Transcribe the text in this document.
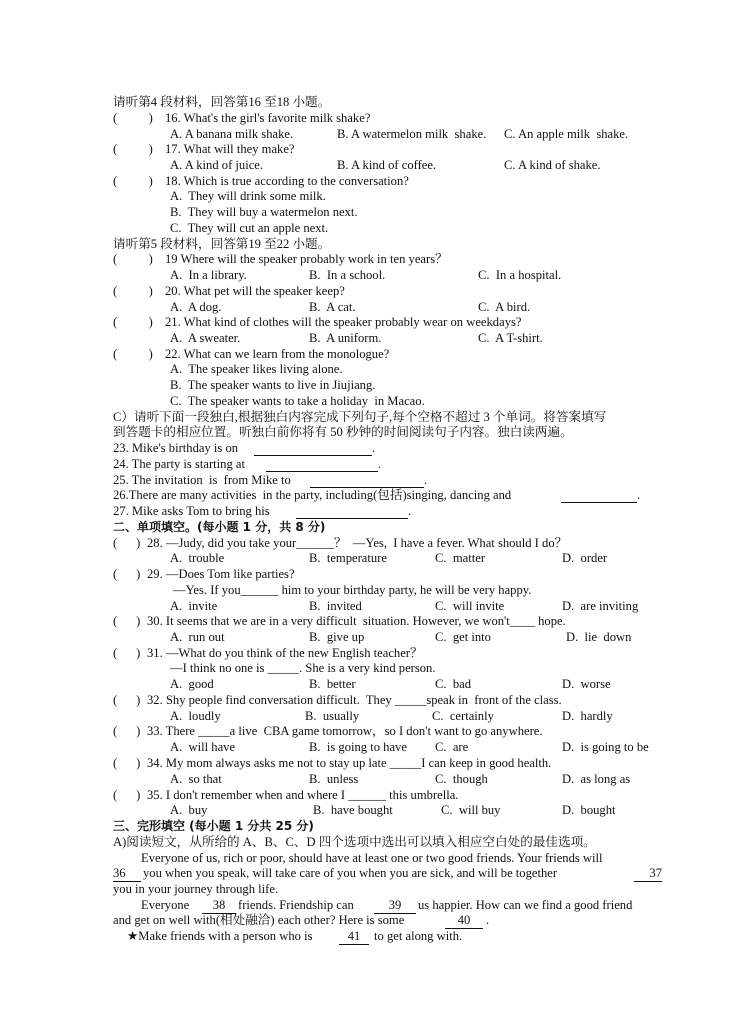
请听第4 段材料，回答第16 至18 小题。
(          ) 16. What's the girl's favorite milk shake?
A. A banana milk shake.	B. A watermelon milk  shake. C. An apple milk  shake.
(          ) 17. What will they make?
A. A kind of juice.	B. A kind of coffee.	C. A kind of shake.
(          ) 18. Which is true according to the conversation?
A.  They will drink some milk.
B.  They will buy a watermelon next.
C.  They will cut an apple next.
请听第5 段材料，回答第19 至22 小题。
(          ) 19 Where will the speaker probably work in ten years？
A.  In a library.	B.  In a school.	C.  In a hospital.
(          ) 20. What pet will the speaker keep?
A.  A dog.	B.  A cat.	C.  A bird.
(          ) 21. What kind of clothes will the speaker probably wear on weekdays?
A.  A sweater.	B.  A uniform.	C.  A T-shirt.
(          ) 22. What can we learn from the monologue?
A.  The speaker likes living alone.
B.  The speaker wants to live in Jiujiang.
C.  The speaker wants to take a holiday  in Macao.
C）请听下面一段独白,根据独白内容完成下列句子,每个空格不超过 3 个单词。将答案填写
到答题卡的相应位置。听独白前你将有 50 秒钟的时间阅读句子内容。独白读两遍。
23. Mike's birthday is on	.
24. The party is starting at	.
25. The invitation  is  from Mike to	.
26.There are many activities  in the party, including(包括)singing, dancing and	.
27. Mike asks Tom to bring his	.
二、单项填空。(每小题 1 分，共 8 分)
(      ) 28. —Judy, did you take your______？  —Yes,  I have a fever. What should I do？
A.  trouble	B.  temperature	C.  matter	D.  order
(      ) 29. —Does Tom like parties?
—Yes. If you______ him to your birthday party, he will be very happy.
A.  invite	B.  invited	C.  will invite	D.  are inviting
(      ) 30. It seems that we are in a very difficult  situation. However, we won't____ hope.
A.  run out	B.  give up	C.  get into	D.  lie  down
(      ) 31. —What do you think of the new English teacher？
—I think no one is _____. She is a very kind person.
A.  good	B.  better	C.  bad	D.  worse
(      ) 32. Shy people find conversation difficult.  They _____speak in  front of the class.
A.  loudly	B.  usually	C.  certainly	D.  hardly
(      ) 33. There _____a live  CBA game tomorrow，so I don't want to go anywhere.
A.  will have	B.  is going to have C.  are	D.  is going to be
(      ) 34. My mom always asks me not to stay up late _____I can keep in good health.
A.  so that	B.  unless	C.  though	D.  as long as
(      ) 35. I don't remember when and where I ______ this umbrella.
A.  buy	B.  have bought	C.  will buy	D.  bought
三、完形填空 (每小题 1 分共 25 分)
A)阅读短文，从所给的 A、B、C、D 四个选项中选出可以填入相应空白处的最佳选项。
Everyone of us, rich or poor, should have at least one or two good friends. Your friends will
36	you when you speak, will take care of you when you are sick, and will be together	37
you in your journey through life.
Everyone	38	friends. Friendship can	39	us happier. How can we find a good friend
and get on well with(相处融洽) each other? Here is some	40	.
★Make friends with a person who is	41	to get along with.
